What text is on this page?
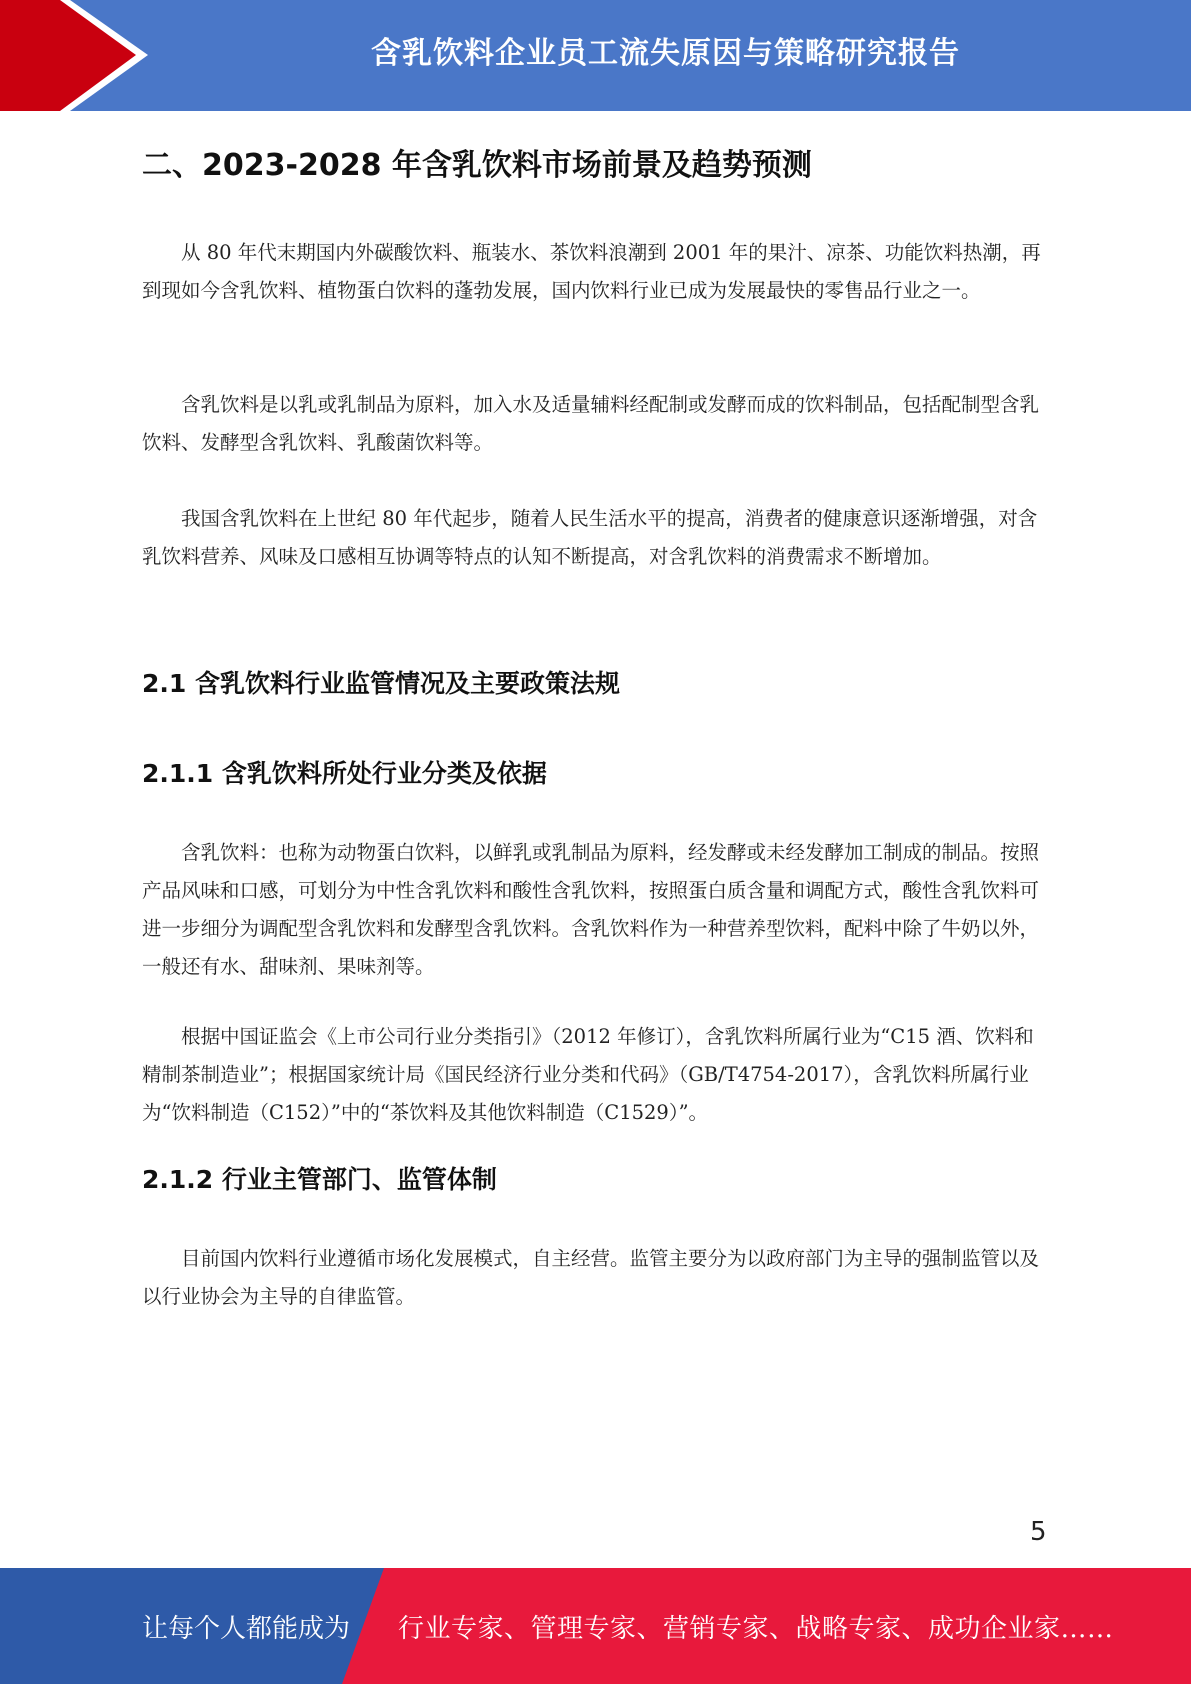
含乳饮料企业员工流失原因与策略研究报告
二、2023-2028 年含乳饮料市场前景及趋势预测

从 80 年代末期国内外碳酸饮料、瓶装水、茶饮料浪潮到 2001 年的果汁、凉茶、功能饮料热潮，再到现如今含乳饮料、植物蛋白饮料的蓬勃发展，国内饮料行业已成为发展最快的零售品行业之一。

含乳饮料是以乳或乳制品为原料，加入水及适量辅料经配制或发酵而成的饮料制品，包括配制型含乳饮料、发酵型含乳饮料、乳酸菌饮料等。

我国含乳饮料在上世纪 80 年代起步，随着人民生活水平的提高，消费者的健康意识逐渐增强，对含乳饮料营养、风味及口感相互协调等特点的认知不断提高，对含乳饮料的消费需求不断增加。

2.1 含乳饮料行业监管情况及主要政策法规
2.1.1 含乳饮料所处行业分类及依据

含乳饮料：也称为动物蛋白饮料，以鲜乳或乳制品为原料，经发酵或未经发酵加工制成的制品。按照产品风味和口感，可划分为中性含乳饮料和酸性含乳饮料，按照蛋白质含量和调配方式，酸性含乳饮料可进一步细分为调配型含乳饮料和发酵型含乳饮料。含乳饮料作为一种营养型饮料，配料中除了牛奶以外，一般还有水、甜味剂、果味剂等。

根据中国证监会《上市公司行业分类指引》（2012 年修订），含乳饮料所属行业为“C15 酒、饮料和精制茶制造业”；根据国家统计局《国民经济行业分类和代码》（GB/T4754-2017），含乳饮料所属行业为“饮料制造（C152）”中的“茶饮料及其他饮料制造（C1529）”。

2.1.2 行业主管部门、监管体制

目前国内饮料行业遵循市场化发展模式，自主经营。监管主要分为以政府部门为主导的强制监管以及以行业协会为主导的自律监管。

5
让每个人都能成为 行业专家、管理专家、营销专家、战略专家、成功企业家……
